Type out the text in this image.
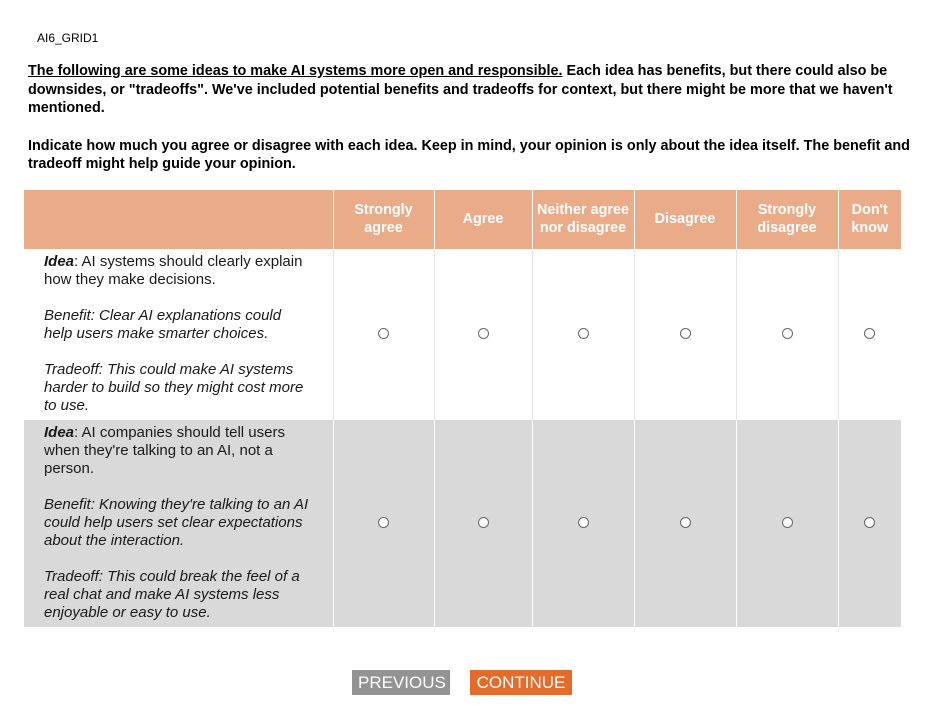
AI6_GRID1

The following are some ideas to make AI systems more open and responsible. Each idea has benefits, but there could also be downsides, or "tradeoffs". We've included potential benefits and tradeoffs for context, but there might be more that we haven't mentioned.

Indicate how much you agree or disagree with each idea. Keep in mind, your opinion is only about the idea itself. The benefit and tradeoff might help guide your opinion.

	Strongly agree	Agree	Neither agree nor disagree	Disagree	Strongly disagree	Don't know

Idea: AI systems should clearly explain how they make decisions.
Benefit: Clear AI explanations could help users make smarter choices.
Tradeoff: This could make AI systems harder to build so they might cost more to use.						

Idea: AI companies should tell users when they're talking to an AI, not a person.
Benefit: Knowing they're talking to an AI could help users set clear expectations about the interaction.
Tradeoff: This could break the feel of a real chat and make AI systems less enjoyable or easy to use.						

PREVIOUS	CONTINUE
